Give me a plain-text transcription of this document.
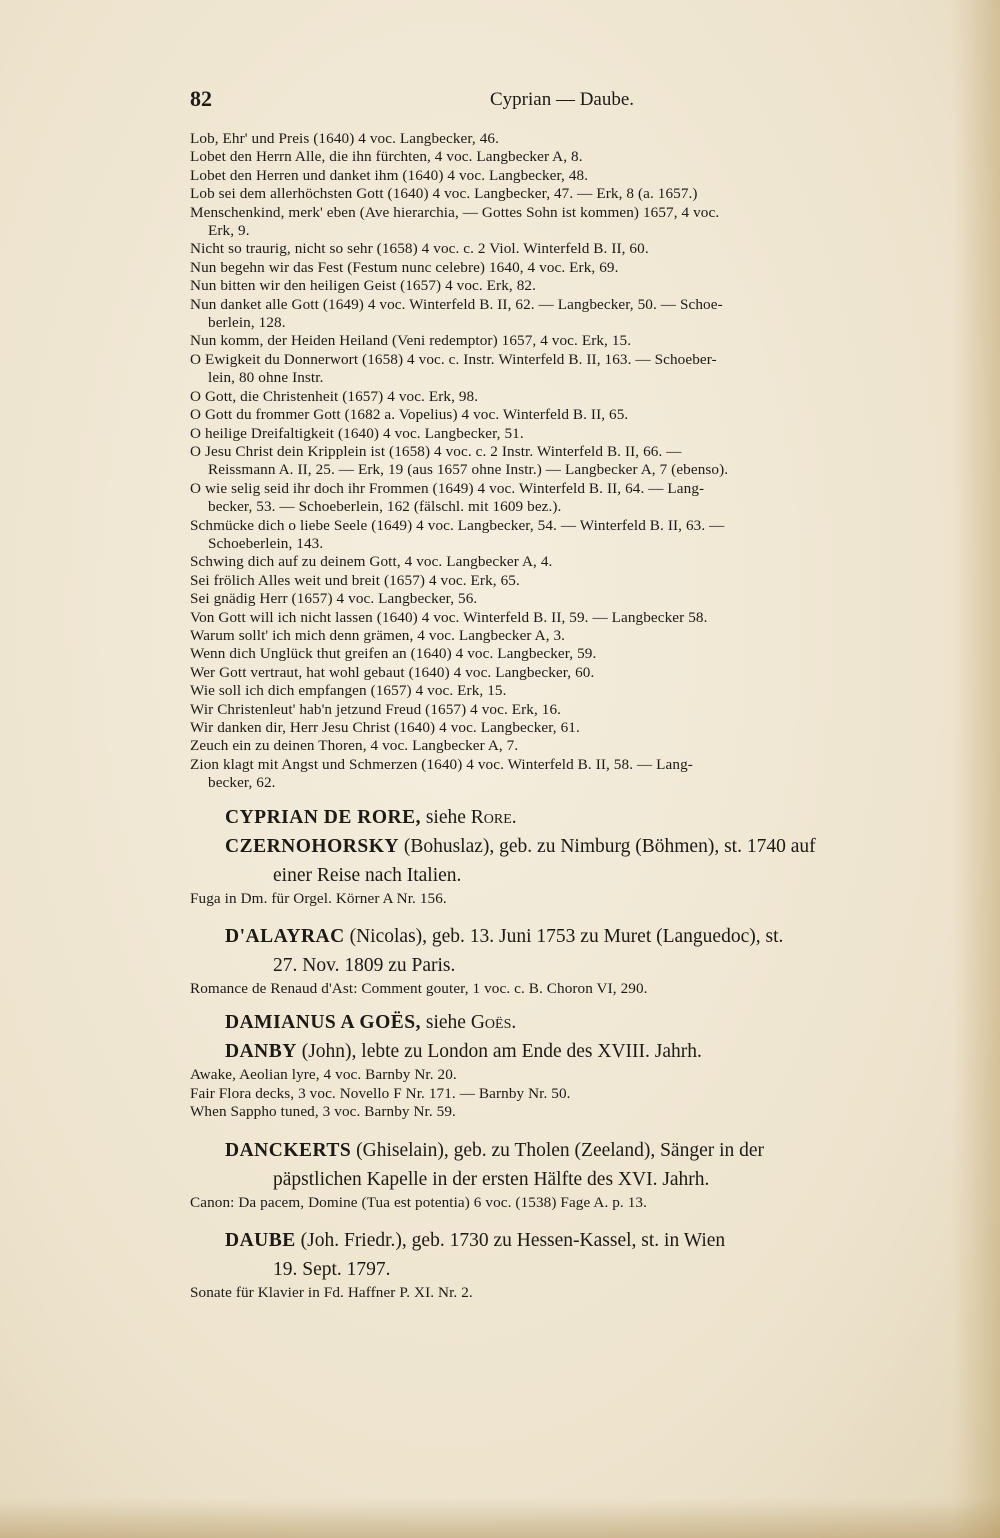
82	Cyprian — Daube.
Lob, Ehr' und Preis (1640) 4 voc. Langbecker, 46.
Lobet den Herrn Alle, die ihn fürchten, 4 voc. Langbecker A, 8.
Lobet den Herren und danket ihm (1640) 4 voc. Langbecker, 48.
Lob sei dem allerhöchsten Gott (1640) 4 voc. Langbecker, 47. — Erk, 8 (a. 1657.)
Menschenkind, merk' eben (Ave hierarchia, — Gottes Sohn ist kommen) 1657, 4 voc.
Erk, 9.
Nicht so traurig, nicht so sehr (1658) 4 voc. c. 2 Viol. Winterfeld B. II, 60.
Nun begehn wir das Fest (Festum nunc celebre) 1640, 4 voc. Erk, 69.
Nun bitten wir den heiligen Geist (1657) 4 voc. Erk, 82.
Nun danket alle Gott (1649) 4 voc. Winterfeld B. II, 62. — Langbecker, 50. — Schoe-
berlein, 128.
Nun komm, der Heiden Heiland (Veni redemptor) 1657, 4 voc. Erk, 15.
O Ewigkeit du Donnerwort (1658) 4 voc. c. Instr. Winterfeld B. II, 163. — Schoeber-
lein, 80 ohne Instr.
O Gott, die Christenheit (1657) 4 voc. Erk, 98.
O Gott du frommer Gott (1682 a. Vopelius) 4 voc. Winterfeld B. II, 65.
O heilige Dreifaltigkeit (1640) 4 voc. Langbecker, 51.
O Jesu Christ dein Kripplein ist (1658) 4 voc. c. 2 Instr. Winterfeld B. II, 66. —
Reissmann A. II, 25. — Erk, 19 (aus 1657 ohne Instr.) — Langbecker A, 7 (ebenso).
O wie selig seid ihr doch ihr Frommen (1649) 4 voc. Winterfeld B. II, 64. — Lang-
becker, 53. — Schoeberlein, 162 (fälschl. mit 1609 bez.).
Schmücke dich o liebe Seele (1649) 4 voc. Langbecker, 54. — Winterfeld B. II, 63. —
Schoeberlein, 143.
Schwing dich auf zu deinem Gott, 4 voc. Langbecker A, 4.
Sei frölich Alles weit und breit (1657) 4 voc. Erk, 65.
Sei gnädig Herr (1657) 4 voc. Langbecker, 56.
Von Gott will ich nicht lassen (1640) 4 voc. Winterfeld B. II, 59. — Langbecker 58.
Warum sollt' ich mich denn grämen, 4 voc. Langbecker A, 3.
Wenn dich Unglück thut greifen an (1640) 4 voc. Langbecker, 59.
Wer Gott vertraut, hat wohl gebaut (1640) 4 voc. Langbecker, 60.
Wie soll ich dich empfangen (1657) 4 voc. Erk, 15.
Wir Christenleut' hab'n jetzund Freud (1657) 4 voc. Erk, 16.
Wir danken dir, Herr Jesu Christ (1640) 4 voc. Langbecker, 61.
Zeuch ein zu deinen Thoren, 4 voc. Langbecker A, 7.
Zion klagt mit Angst und Schmerzen (1640) 4 voc. Winterfeld B. II, 58. — Lang-
becker, 62.
CYPRIAN DE RORE, siehe Rore.
CZERNOHORSKY (Bohuslaz), geb. zu Nimburg (Böhmen), st. 1740 auf
einer Reise nach Italien.
Fuga in Dm. für Orgel. Körner A Nr. 156.
D'ALAYRAC (Nicolas), geb. 13. Juni 1753 zu Muret (Languedoc), st.
27. Nov. 1809 zu Paris.
Romance de Renaud d'Ast: Comment gouter, 1 voc. c. B. Choron VI, 290.
DAMIANUS A GOËS, siehe Goës.
DANBY (John), lebte zu London am Ende des XVIII. Jahrh.
Awake, Aeolian lyre, 4 voc. Barnby Nr. 20.
Fair Flora decks, 3 voc. Novello F Nr. 171. — Barnby Nr. 50.
When Sappho tuned, 3 voc. Barnby Nr. 59.
DANCKERTS (Ghiselain), geb. zu Tholen (Zeeland), Sänger in der
päpstlichen Kapelle in der ersten Hälfte des XVI. Jahrh.
Canon: Da pacem, Domine (Tua est potentia) 6 voc. (1538) Fage A. p. 13.
DAUBE (Joh. Friedr.), geb. 1730 zu Hessen-Kassel, st. in Wien
19. Sept. 1797.
Sonate für Klavier in Fd. Haffner P. XI. Nr. 2.
